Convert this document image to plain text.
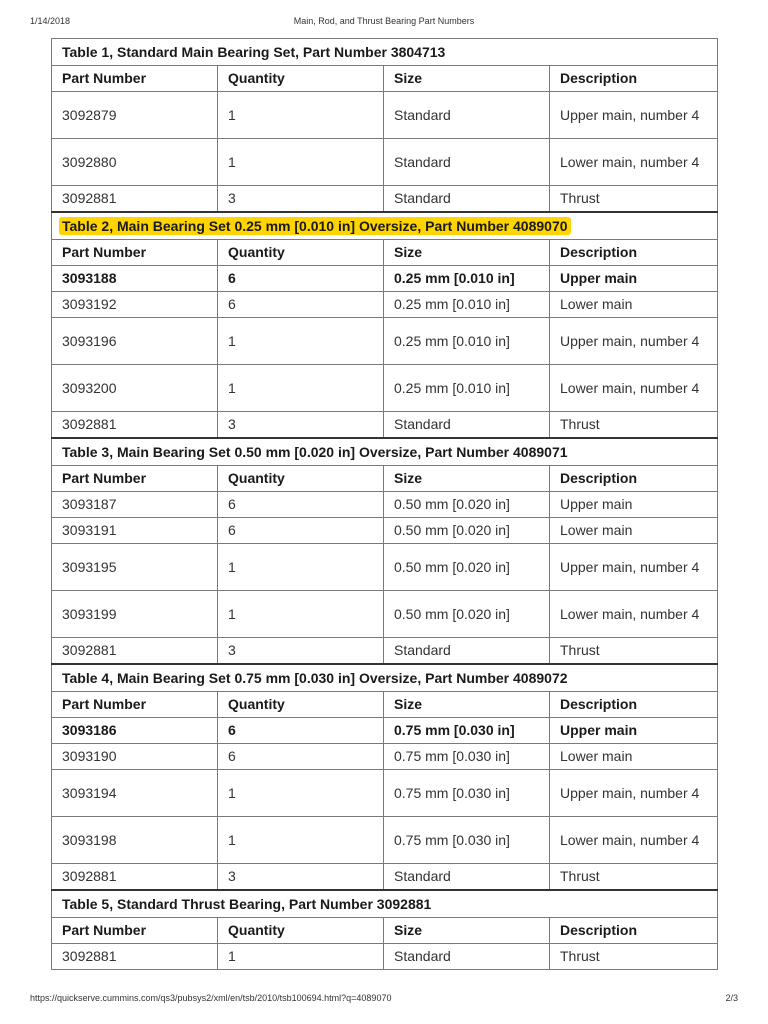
1/14/2018	Main, Rod, and Thrust Bearing Part Numbers
Table 1, Standard Main Bearing Set, Part Number 3804713			
Part Number	Quantity	Size	Description
3092879	1	Standard	Upper main, number 4
3092880	1	Standard	Lower main, number 4
3092881	3	Standard	Thrust
Table 2, Main Bearing Set 0.25 mm [0.010 in] Oversize, Part Number 4089070			
Part Number	Quantity	Size	Description
3093188	6	0.25 mm [0.010 in]	Upper main
3093192	6	0.25 mm [0.010 in]	Lower main
3093196	1	0.25 mm [0.010 in]	Upper main, number 4
3093200	1	0.25 mm [0.010 in]	Lower main, number 4
3092881	3	Standard	Thrust
Table 3, Main Bearing Set 0.50 mm [0.020 in] Oversize, Part Number 4089071			
Part Number	Quantity	Size	Description
3093187	6	0.50 mm [0.020 in]	Upper main
3093191	6	0.50 mm [0.020 in]	Lower main
3093195	1	0.50 mm [0.020 in]	Upper main, number 4
3093199	1	0.50 mm [0.020 in]	Lower main, number 4
3092881	3	Standard	Thrust
Table 4, Main Bearing Set 0.75 mm [0.030 in] Oversize, Part Number 4089072			
Part Number	Quantity	Size	Description
3093186	6	0.75 mm [0.030 in]	Upper main
3093190	6	0.75 mm [0.030 in]	Lower main
3093194	1	0.75 mm [0.030 in]	Upper main, number 4
3093198	1	0.75 mm [0.030 in]	Lower main, number 4
3092881	3	Standard	Thrust
Table 5, Standard Thrust Bearing, Part Number 3092881			
Part Number	Quantity	Size	Description
3092881	1	Standard	Thrust
https://quickserve.cummins.com/qs3/pubsys2/xml/en/tsb/2010/tsb100694.html?q=4089070	2/3
